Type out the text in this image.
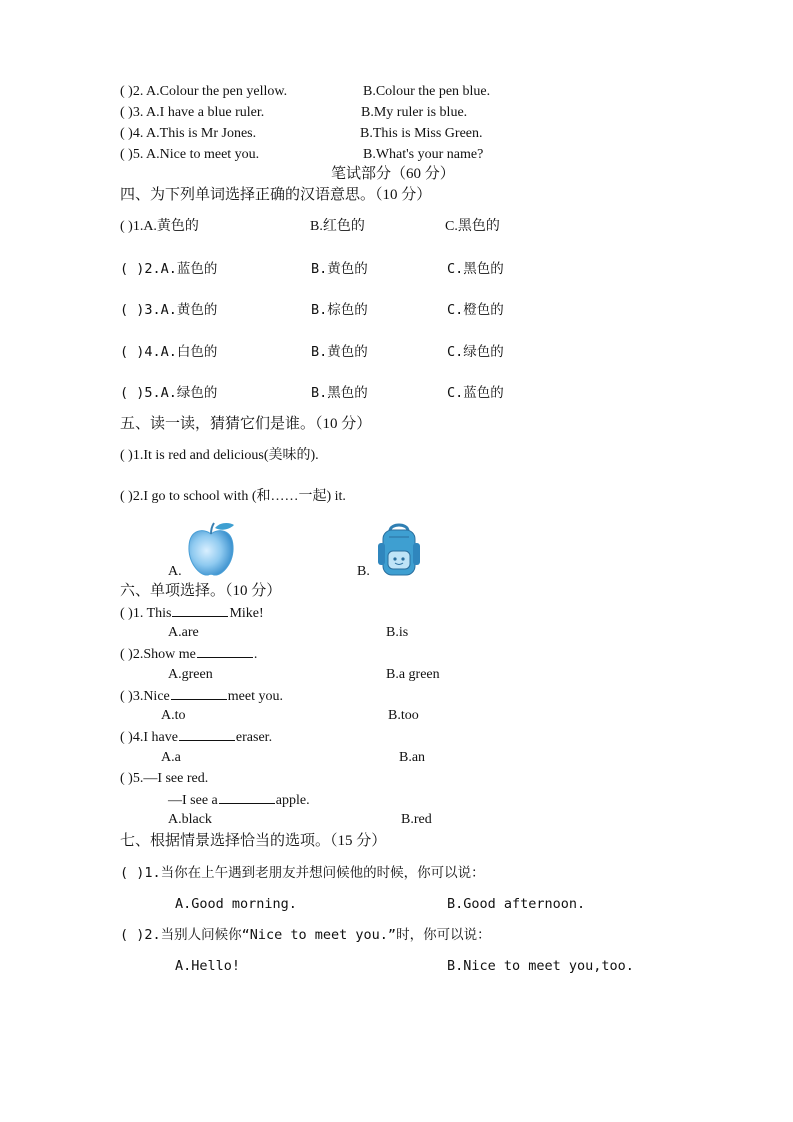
( )2. A.Colour the pen yellow.	B.Colour the pen blue.
( )3. A.I have a blue ruler.	B.My ruler is blue.
( )4. A.This is Mr Jones.	B.This is Miss Green.
( )5. A.Nice to meet you.	B.What's your name?
笔试部分（60 分）
四、为下列单词选择正确的汉语意思。（10 分）
( )1.A.黄色的	B.红色的	C.黑色的
( )2.A.蓝色的	B.黄色的	C.黑色的
( )3.A.黄色的	B.棕色的	C.橙色的
( )4.A.白色的	B.黄色的	C.绿色的
( )5.A.绿色的	B.黑色的	C.蓝色的
五、读一读，猜猜它们是谁。（10 分）
( )1.It is red and delicious(美味的).
( )2.I go to school with (和……一起) it.
A.	B.
六、单项选择。（10 分）
( )1. This	Mike!
A.are	B.is
( )2.Show me	.
A.green	B.a green
( )3.Nice	meet you.
A.to	B.too
( )4.I have	eraser.
A.a	B.an
( )5.—I see red.
—I see a	apple.
A.black	B.red
七、根据情景选择恰当的选项。（15 分）
( )1.当你在上午遇到老朋友并想问候他的时候，你可以说：
A.Good morning.	B.Good afternoon.
( )2.当别人问候你“Nice to meet you.”时，你可以说：
A.Hello!	B.Nice to meet you,too.
